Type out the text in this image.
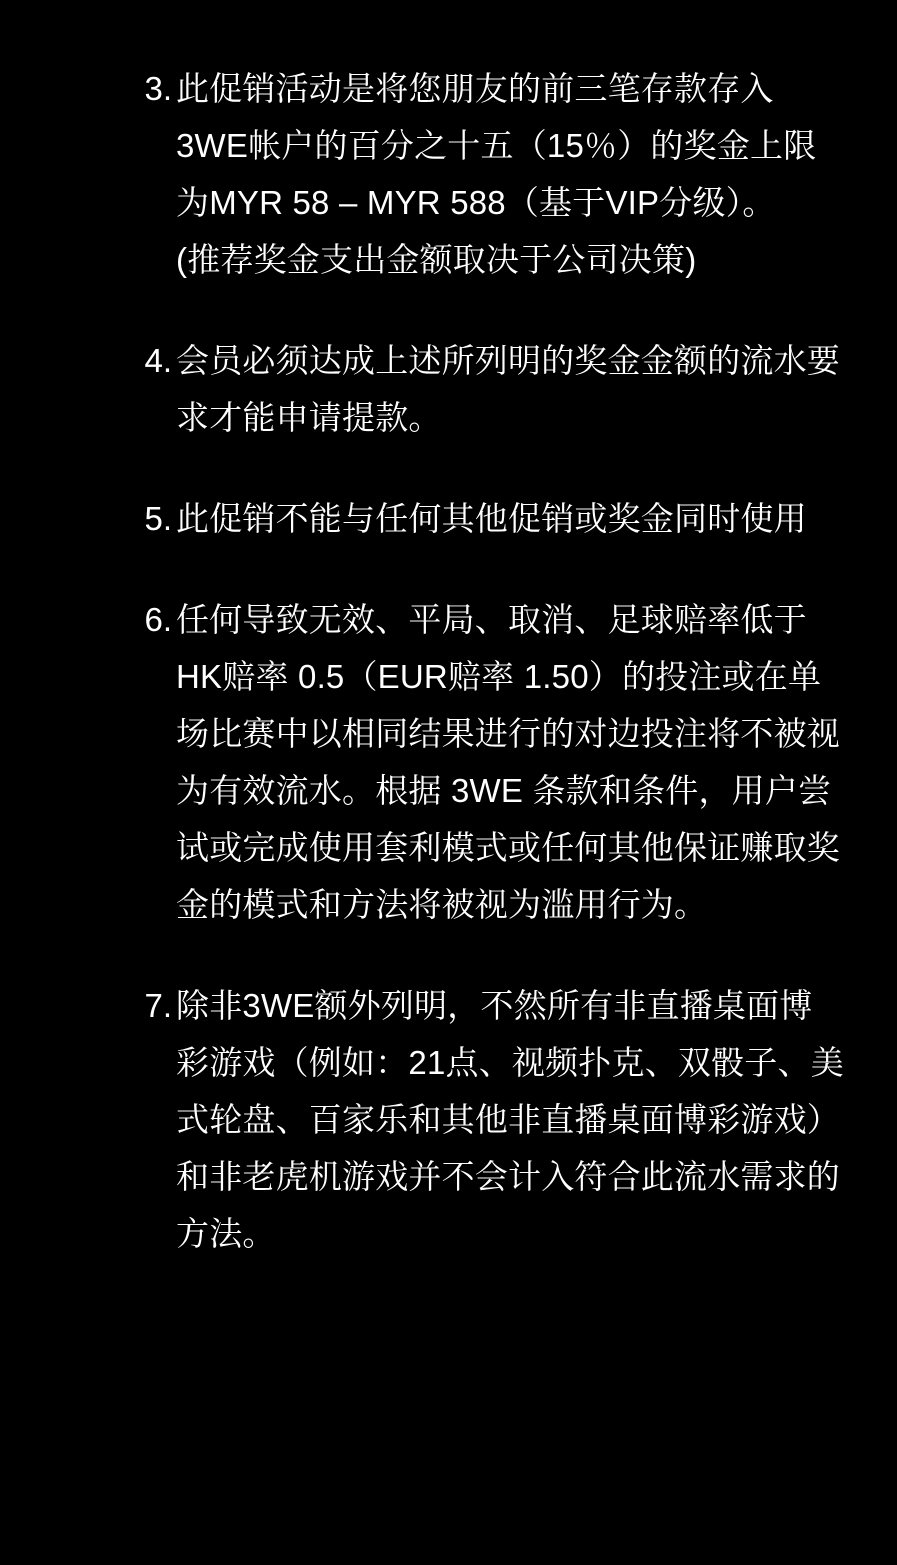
3. 此促销活动是将您朋友的前三笔存款存入3WE帐户的百分之十五（15％）的奖金上限为MYR 58 – MYR 588（基于VIP分级）。
(推荐奖金支出金额取决于公司决策)
4. 会员必须达成上述所列明的奖金金额的流水要求才能申请提款。
5. 此促销不能与任何其他促销或奖金同时使用
6. 任何导致无效、平局、取消、足球赔率低于HK赔率 0.5（EUR赔率 1.50）的投注或在单场比赛中以相同结果进行的对边投注将不被视为有效流水。根据 3WE 条款和条件，用户尝试或完成使用套利模式或任何其他保证赚取奖金的模式和方法将被视为滥用行为。
7. 除非3WE额外列明，不然所有非直播桌面博彩游戏（例如：21点、视频扑克、双骰子、美式轮盘、百家乐和其他非直播桌面博彩游戏）和非老虎机游戏并不会计入符合此流水需求的方法。
